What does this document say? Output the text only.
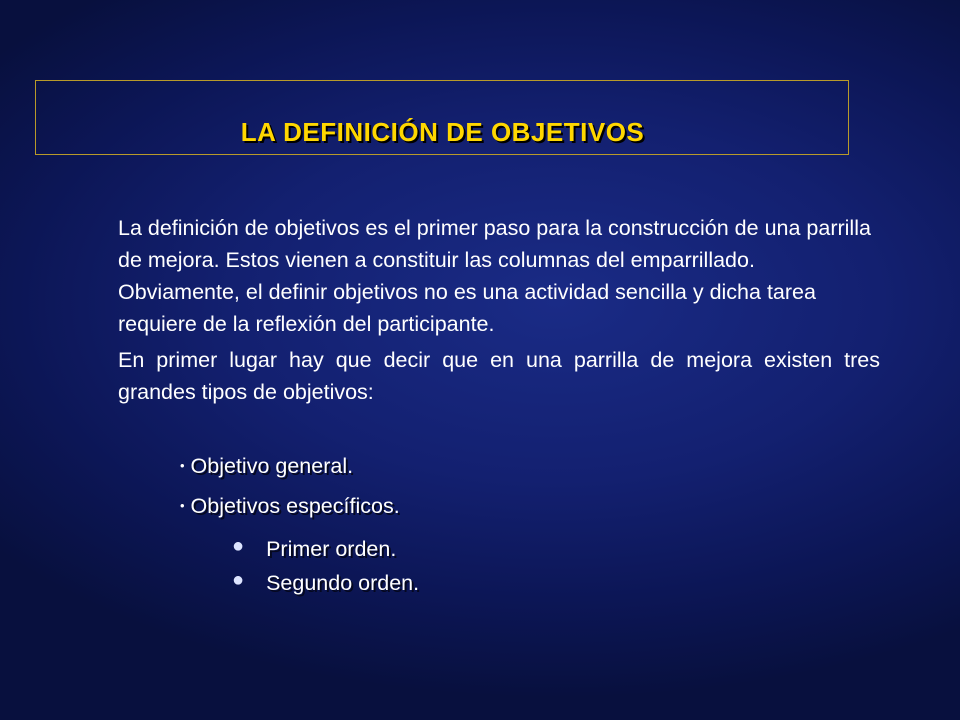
LA DEFINICIÓN DE OBJETIVOS

La definición de objetivos es el primer paso para la construcción de una parrilla de mejora. Estos vienen a constituir las columnas del emparrillado. Obviamente, el definir objetivos no es una actividad sencilla y dicha tarea requiere de la reflexión del participante.

En primer lugar hay que decir que en una parrilla de mejora existen tres grandes tipos de objetivos:

• Objetivo general.
• Objetivos específicos.
● Primer orden.
● Segundo orden.
